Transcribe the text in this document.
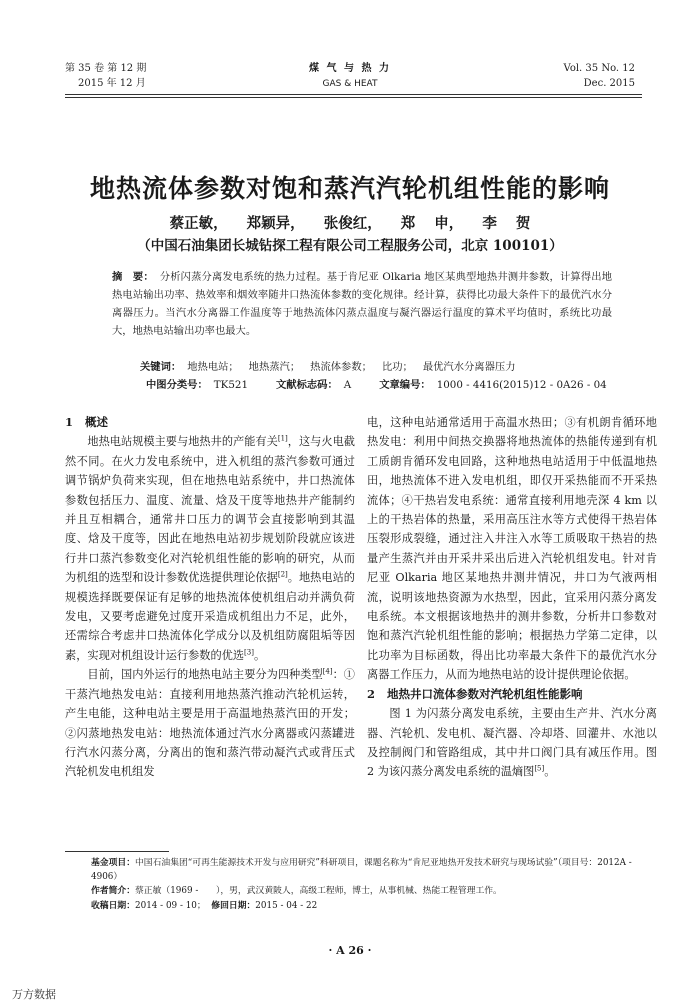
第 35 卷 第 12 期
2015 年 12 月
煤 气 与 热 力
GAS & HEAT
Vol. 35 No. 12
Dec. 2015
地热流体参数对饱和蒸汽汽轮机组性能的影响
蔡正敏， 郑颖异， 张俊红， 郑 申， 李 贺
（中国石油集团长城钻探工程有限公司工程服务公司，北京 100101）
摘　要： 分析闪蒸分离发电系统的热力过程。基于肯尼亚 Olkaria 地区某典型地热井测井参数，计算得出地热电站输出功率、热效率和烟效率随井口热流体参数的变化规律。经计算，获得比功最大条件下的最优汽水分离器压力。当汽水分离器工作温度等于地热流体闪蒸点温度与凝汽器运行温度的算术平均值时，系统比功最大，地热电站输出功率也最大。
关键词： 地热电站； 地热蒸汽； 热流体参数； 比功； 最优汽水分离器压力
中图分类号： TK521	文献标志码： A	文章编号： 1000 - 4416(2015)12 - 0A26 - 04
1 概述

地热电站规模主要与地热井的产能有关[1]，这与火电截然不同。在火力发电系统中，进入机组的蒸汽参数可通过调节锅炉负荷来实现，但在地热电站系统中，井口热流体参数包括压力、温度、流量、焓及干度等地热井产能制约并且互相耦合，通常井口压力的调节会直接影响到其温度、焓及干度等，因此在地热电站初步规划阶段就应该进行井口蒸汽参数变化对汽轮机组性能的影响的研究，从而为机组的选型和设计参数优选提供理论依据[2]。地热电站的规模选择既要保证有足够的地热流体使机组启动并满负荷发电，又要考虑避免过度开采造成机组出力不足，此外，还需综合考虑井口热流体化学成分以及机组防腐阻垢等因素，实现对机组设计运行参数的优选[3]。

目前，国内外运行的地热电站主要分为四种类型[4]：①干蒸汽地热发电站：直接利用地热蒸汽推动汽轮机运转，产生电能，这种电站主要是用于高温地热蒸汽田的开发；②闪蒸地热发电站：地热流体通过汽水分离器或闪蒸罐进行汽水闪蒸分离，分离出的饱和蒸汽带动凝汽式或背压式汽轮机发电机组发

电，这种电站通常适用于高温水热田；③有机朗肯循环地热发电：利用中间热交换器将地热流体的热能传递到有机工质朗肯循环发电回路，这种地热电站适用于中低温地热田，地热流体不进入发电机组，即仅开采热能而不开采热流体；④干热岩发电系统：通常直接利用地壳深 4 km 以上的干热岩体的热量，采用高压注水等方式使得干热岩体压裂形成裂缝，通过注入井注入水等工质吸取干热岩的热量产生蒸汽并由开采井采出后进入汽轮机组发电。针对肯尼亚 Olkaria 地区某地热井测井情况，井口为气液两相流，说明该地热资源为水热型，因此，宜采用闪蒸分离发电系统。本文根据该地热井的测井参数，分析井口参数对饱和蒸汽汽轮机组性能的影响；根据热力学第二定律，以比功率为目标函数，得出比功率最大条件下的最优汽水分离器工作压力，从而为地热电站的设计提供理论依据。

2 地热井口流体参数对汽轮机组性能影响

图 1 为闪蒸分离发电系统，主要由生产井、汽水分离器、汽轮机、发电机、凝汽器、冷却塔、回灌井、水池以及控制阀门和管路组成，其中井口阀门具有减压作用。图 2 为该闪蒸分离发电系统的温熵图[5]。

基金项目：中国石油集团“可再生能源技术开发与应用研究”科研项目，课题名称为“肯尼亚地热开发技术研究与现场试验”（项目号：2012A - 4906）

作者简介：蔡正敏（1969 -　　），男，武汉黄陂人，高级工程师，博士，从事机械、热能工程管理工作。

收稿日期：2014 - 09 - 10； 修回日期：2015 - 04 - 22

· A 26 ·
万方数据
